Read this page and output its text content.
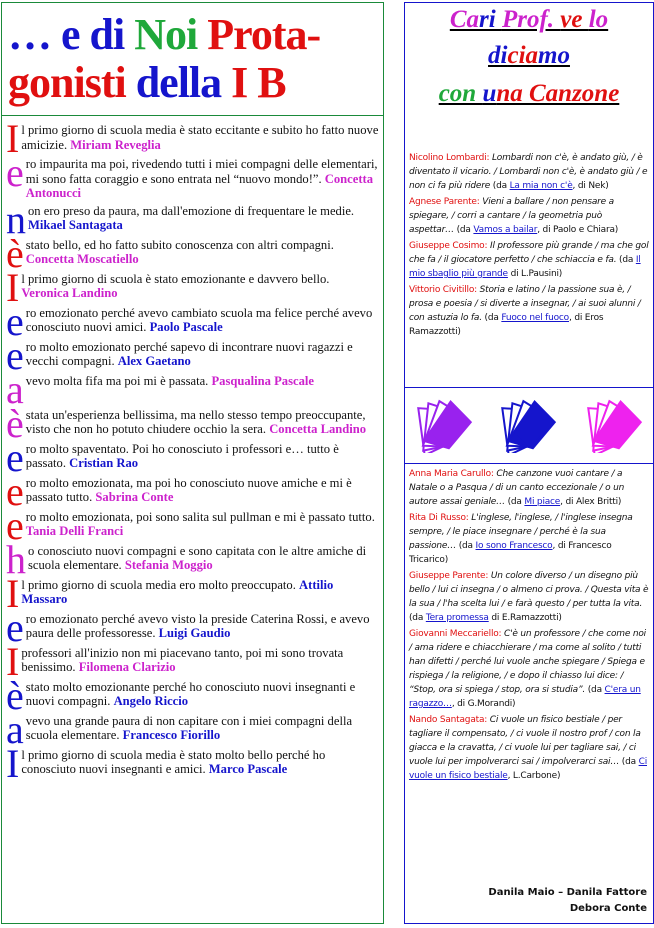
… e di Noi Prota-
gonisti della I B
Il primo giorno di scuola media è stato eccitante e subito ho fatto nuove amicizie. Miriam Reveglia
ero impaurita ma poi, rivedendo tutti i miei compagni delle elementari, mi sono fatta coraggio e sono entrata nel “nuovo mondo!”. Concetta Antonucci
non ero preso da paura, ma dall'emozione di frequentare le medie. Mikael Santagata
è stato bello, ed ho fatto subito conoscenza con altri compagni. Concetta Moscatiello
Il primo giorno di scuola è stato emozionante e davvero bello. Veronica Landino
ero emozionato perché avevo cambiato scuola ma felice perché avevo conosciuto nuovi amici. Paolo Pascale
ero molto emozionato perché sapevo di incontrare nuovi ragazzi e vecchi compagni. Alex Gaetano
avevo molta fifa ma poi mi è passata. Pasqualina Pascale
è stata un'esperienza bellissima, ma nello stesso tempo preoccupante, visto che non ho potuto chiudere occhio la sera. Concetta Landino
ero molto spaventato. Poi ho conosciuto i professori e… tutto è passato. Cristian Rao
ero molto emozionata, ma poi ho conosciuto nuove amiche e mi è passato tutto. Sabrina Conte
ero molto emozionata, poi sono salita sul pullman e mi è passato tutto. Tania Delli Franci
ho conosciuto nuovi compagni e sono capitata con le altre amiche di scuola elementare. Stefania Moggio
Il primo giorno di scuola media ero molto preoccupato. Attilio Massaro
ero emozionato perché avevo visto la preside Caterina Rossi, e avevo paura delle professoresse. Luigi Gaudio
I professori all'inizio non mi piacevano tanto, poi mi sono trovata benissimo. Filomena Clarizio
è stato molto emozionante perché ho conosciuto nuovi insegnanti e nuovi compagni. Angelo Riccio
avevo una grande paura di non capitare con i miei compagni della scuola elementare. Francesco Fiorillo
Il primo giorno di scuola media è stato molto bello perché ho conosciuto nuovi insegnanti e amici. Marco Pascale
Cari Prof. ve lo
diciamo
con una Canzone
Nicolino Lombardi: Lombardi non c'è, è andato giù, / è diventato il vicario. / Lombardi non c'è, è andato giù / e non ci fa più ridere (da La mia non c'è, di Nek)
Agnese Parente: Vieni a ballare / non pensare a spiegare, / corri a cantare / la geometria può aspettar… (da Vamos a bailar, di Paolo e Chiara)
Giuseppe Cosimo: Il professore più grande / ma che gol che fa / il giocatore perfetto / che schiaccia e fa. (da Il mio sbaglio più grande di L.Pausini)
Vittorio Civitillo: Storia e latino / la passione sua è, / prosa e poesia / si diverte a insegnar, / ai suoi alunni / con astuzia lo fa. (da Fuoco nel fuoco, di Eros Ramazzotti)
Anna Maria Carullo: Che canzone vuoi cantare / a Natale o a Pasqua / di un canto eccezionale / o un autore assai geniale… (da Mi piace, di Alex Britti)
Rita Di Russo: L'inglese, l'inglese, / l'inglese insegna sempre, / le piace insegnare / perché è la sua passione… (da Io sono Francesco, di Francesco Tricarico)
Giuseppe Parente: Un colore diverso / un disegno più bello / lui ci insegna / o almeno ci prova. / Questa vita è la sua / l'ha scelta lui / e farà questo / per tutta la vita. (da Tera promessa di E.Ramazzotti)
Giovanni Meccariello: C'è un professore / che come noi / ama ridere e chiacchierare / ma come al solito / tutti han difetti / perché lui vuole anche spiegare / Spiega e rispiega / la religione, / e dopo il chiasso lui dice: / “Stop, ora si spiega / stop, ora si studia”. (da C'era un ragazzo…, di G.Morandi)
Nando Santagata: Ci vuole un fisico bestiale / per tagliare il compensato, / ci vuole il nostro prof / con la giacca e la cravatta, / ci vuole lui per tagliare sai, / ci vuole lui per impolverarci sai / impolverarci sai… (da Ci vuole un fisico bestiale, L.Carbone)
Danila Maio – Danila Fattore
Debora Conte
